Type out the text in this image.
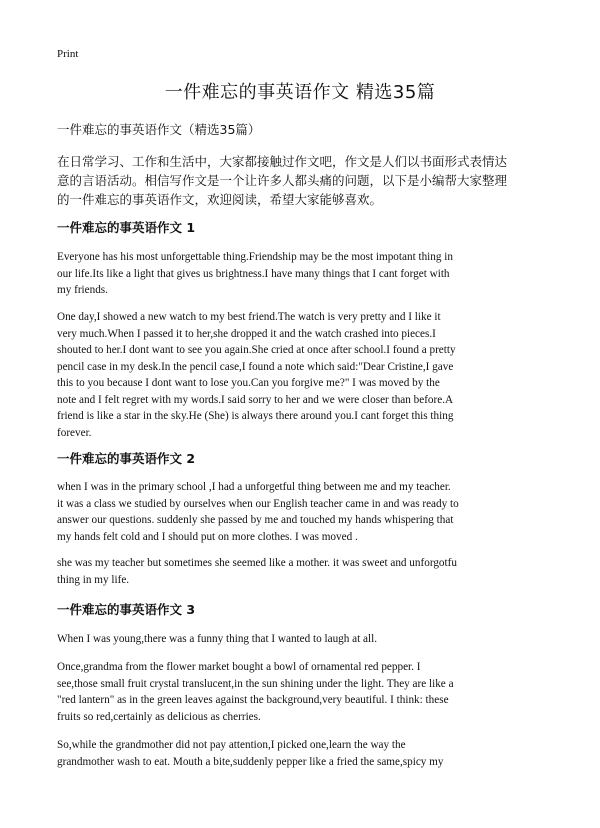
Print
一件难忘的事英语作文 精选35篇
一件难忘的事英语作文（精选35篇）
在日常学习、工作和生活中，大家都接触过作文吧，作文是人们以书面形式表情达
意的言语活动。相信写作文是一个让许多人都头痛的问题，以下是小编帮大家整理
的一件难忘的事英语作文，欢迎阅读，希望大家能够喜欢。
一件难忘的事英语作文 1
Everyone has his most unforgettable thing.Friendship may be the most impotant thing in
our life.Its like a light that gives us brightness.I have many things that I cant forget with
my friends.
One day,I showed a new watch to my best friend.The watch is very pretty and I like it
very much.When I passed it to her,she dropped it and the watch crashed into pieces.I
shouted to her.I dont want to see you again.She cried at once after school.I found a pretty
pencil case in my desk.In the pencil case,I found a note which said:"Dear Cristine,I gave
this to you because I dont want to lose you.Can you forgive me?" I was moved by the
note and I felt regret with my words.I said sorry to her and we were closer than before.A
friend is like a star in the sky.He (She) is always there around you.I cant forget this thing
forever.
一件难忘的事英语作文 2
when I was in the primary school ,I had a unforgetful thing between me and my teacher.
it was a class we studied by ourselves when our English teacher came in and was ready to
answer our questions. suddenly she passed by me and touched my hands whispering that
my hands felt cold and I should put on more clothes. I was moved .
she was my teacher but sometimes she seemed like a mother. it was sweet and unforgotfu
thing in my life.
一件难忘的事英语作文 3
When I was young,there was a funny thing that I wanted to laugh at all.
Once,grandma from the flower market bought a bowl of ornamental red pepper. I
see,those small fruit crystal translucent,in the sun shining under the light. They are like a
"red lantern" as in the green leaves against the background,very beautiful. I think: these
fruits so red,certainly as delicious as cherries.
So,while the grandmother did not pay attention,I picked one,learn the way the
grandmother wash to eat. Mouth a bite,suddenly pepper like a fried the same,spicy my
